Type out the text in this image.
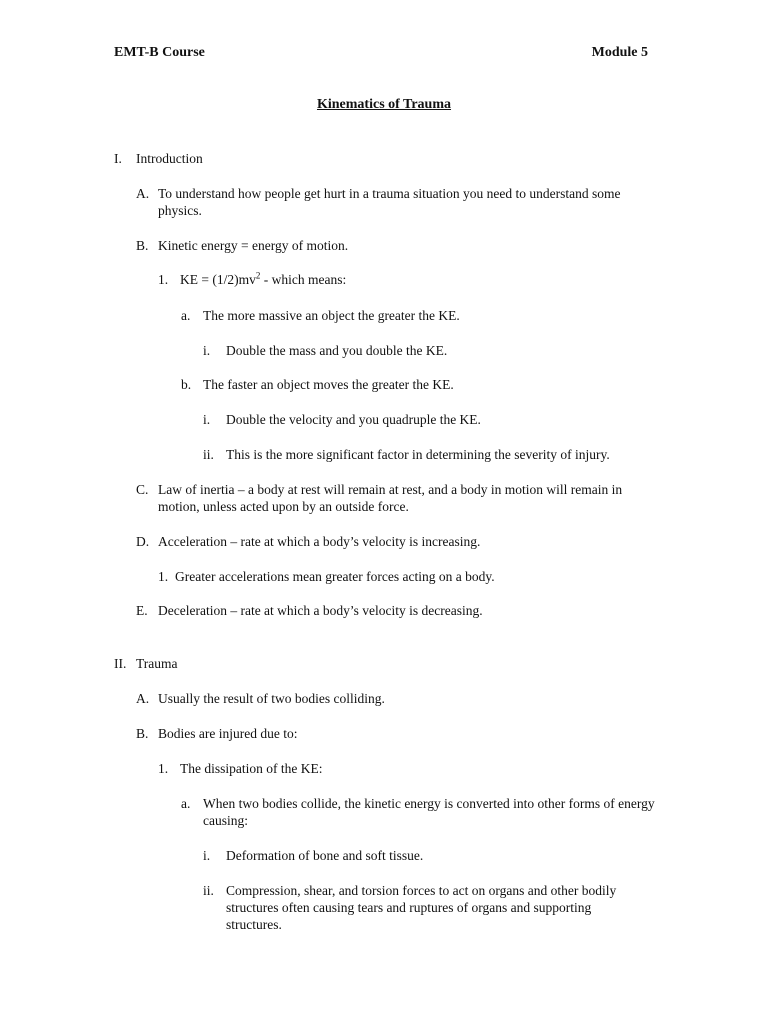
EMT-B Course	Module 5
Kinematics of Trauma
I. Introduction
A. To understand how people get hurt in a trauma situation you need to understand some physics.
B. Kinetic energy = energy of motion.
1. KE = $(1/2)mv^2$ - which means:
a. The more massive an object the greater the KE.
i. Double the mass and you double the KE.
b. The faster an object moves the greater the KE.
i. Double the velocity and you quadruple the KE.
ii. This is the more significant factor in determining the severity of injury.
C. Law of inertia – a body at rest will remain at rest, and a body in motion will remain in motion, unless acted upon by an outside force.
D. Acceleration – rate at which a body’s velocity is increasing.
1. Greater accelerations mean greater forces acting on a body.
E. Deceleration – rate at which a body’s velocity is decreasing.
II. Trauma
A. Usually the result of two bodies colliding.
B. Bodies are injured due to:
1. The dissipation of the KE:
a. When two bodies collide, the kinetic energy is converted into other forms of energy causing:
i. Deformation of bone and soft tissue.
ii. Compression, shear, and torsion forces to act on organs and other bodily structures often causing tears and ruptures of organs and supporting structures.
